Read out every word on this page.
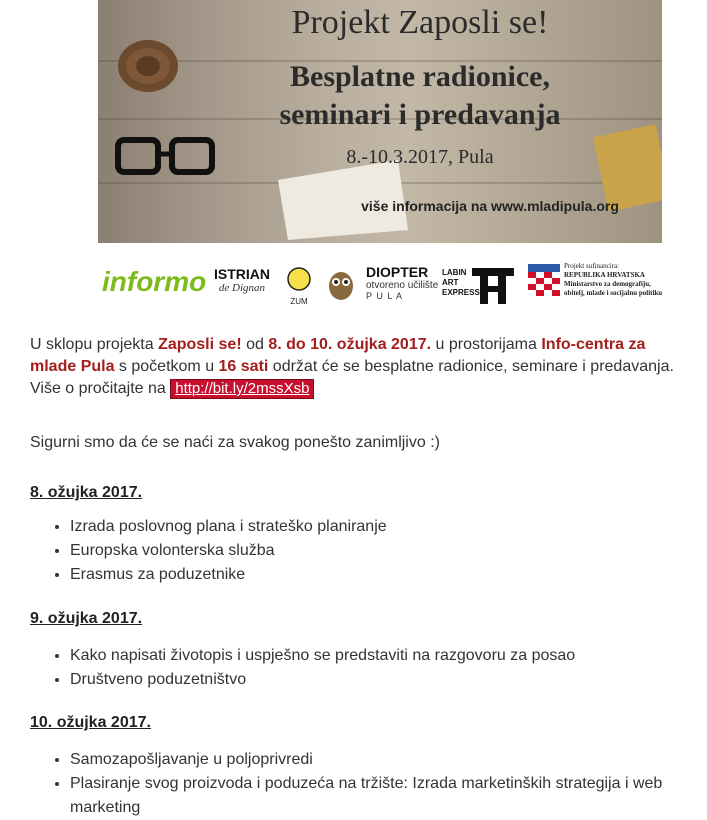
Projekt Zaposli se!
Besplatne radionice,
seminari i predavanja
8.-10.3.2017, Pula
više informacija na www.mladipula.org
informo ISTRIAN
de Dignan
ZUM
DIOPTER
otvoreno učilište
P U L A
LABIN ART EXPRESS
Projekt sufinancira:
REPUBLIKA HRVATSKA
Ministarstvo za demografiju,
obitelj, mlade i socijalnu politiku

U sklopu projekta Zaposli se! od 8. do 10. ožujka 2017. u prostorijama Info-centra za mlade Pula s početkom u 16 sati održat će se besplatne radionice, seminare i predavanja. Više o pročitajte na http://bit.ly/2mssXsb

Sigurni smo da će se naći za svakog ponešto zanimljivo :)

8. ožujka 2017.
• Izrada poslovnog plana i strateško planiranje
• Europska volonterska služba
• Erasmus za poduzetnike
9. ožujka 2017.
• Kako napisati životopis i uspješno se predstaviti na razgovoru za posao
• Društveno poduzetništvo
10. ožujka 2017.
• Samozapošljavanje u poljoprivredi
• Plasiranje svog proizvoda i poduzeća na tržište: Izrada marketinških strategija i web marketing
